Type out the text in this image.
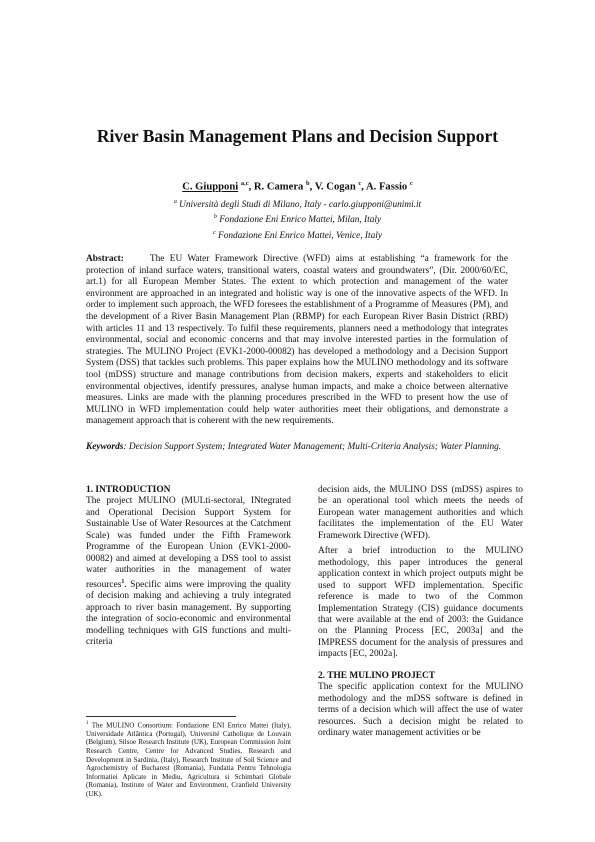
River Basin Management Plans and Decision Support
C. Giupponi $^{a,c}$, R. Camera $^b$, V. Cogan $^c$, A. Fassio $^c$
$^a$ Università degli Studi di Milano, Italy - carlo.giupponi@unimi.it
$^b$ Fondazione Eni Enrico Mattei, Milan, Italy
$^c$ Fondazione Eni Enrico Mattei, Venice, Italy
Abstract:	The EU Water Framework Directive (WFD) aims at establishing “a framework for the protection of inland surface waters, transitional waters, coastal waters and groundwaters”, (Dir. 2000/60/EC, art.1) for all European Member States. The extent to which protection and management of the water environment are approached in an integrated and holistic way is one of the innovative aspects of the WFD. In order to implement such approach, the WFD foresees the establishment of a Programme of Measures (PM), and the development of a River Basin Management Plan (RBMP) for each European River Basin District (RBD) with articles 11 and 13 respectively. To fulfil these requirements, planners need a methodology that integrates environmental, social and economic concerns and that may involve interested parties in the formulation of strategies. The MULINO Project (EVK1-2000-00082) has developed a methodology and a Decision Support System (DSS) that tackles such problems. This paper explains how the MULINO methodology and its software tool (mDSS) structure and manage contributions from decision makers, experts and stakeholders to elicit environmental objectives, identify pressures, analyse human impacts, and make a choice between alternative measures. Links are made with the planning procedures prescribed in the WFD to present how the use of MULINO in WFD implementation could help water authorities meet their obligations, and demonstrate a management approach that is coherent with the new requirements.
Keywords: Decision Support System; Integrated Water Management; Multi-Criteria Analysis; Water Planning.

1. INTRODUCTION

The project MULINO (MULti-sectoral, INtegrated and Operational Decision Support System for Sustainable Use of Water Resources at the Catchment Scale) was funded under the Fifth Framework Programme of the European Union (EVK1-2000-00082) and aimed at developing a DSS tool to assist water authorities in the management of water resources$^1$. Specific aims were improving the quality of decision making and achieving a truly integrated approach to river basin management. By supporting the integration of socio-economic and environmental modelling techniques with GIS functions and multi-criteria

decision aids, the MULINO DSS (mDSS) aspires to be an operational tool which meets the needs of European water management authorities and which facilitates the implementation of the EU Water Framework Directive (WFD).

After a brief introduction to the MULINO methodology, this paper introduces the general application context in which project outputs might be used to support WFD implementation. Specific reference is made to two of the Common Implementation Strategy (CIS) guidance documents that were available at the end of 2003: the Guidance on the Planning Process [EC, 2003a] and the IMPRESS document for the analysis of pressures and impacts [EC, 2002a].

2. THE MULINO PROJECT

The specific application context for the MULINO methodology and the mDSS software is defined in terms of a decision which will affect the use of water resources. Such a decision might be related to ordinary water management activities or be

$^1$ The MULINO Consortium: Fondazione ENI Enrico Mattei (Italy), Universidade Atlântica (Portugal), Université Catholique de Louvain (Belgium), Silsoe Research Institute (UK), European Commission Joint Research Centre, Centre for Advanced Studies, Research and Development in Sardinia, (Italy), Research Institute of Soil Science and Agrochemistry of Bucharest (Romania), Fundatia Pentru Tehnologia Informatiei Aplicate in Mediu, Agricultura si Schimbari Globale (Romania), Institute of Water and Environment, Cranfield University (UK).
